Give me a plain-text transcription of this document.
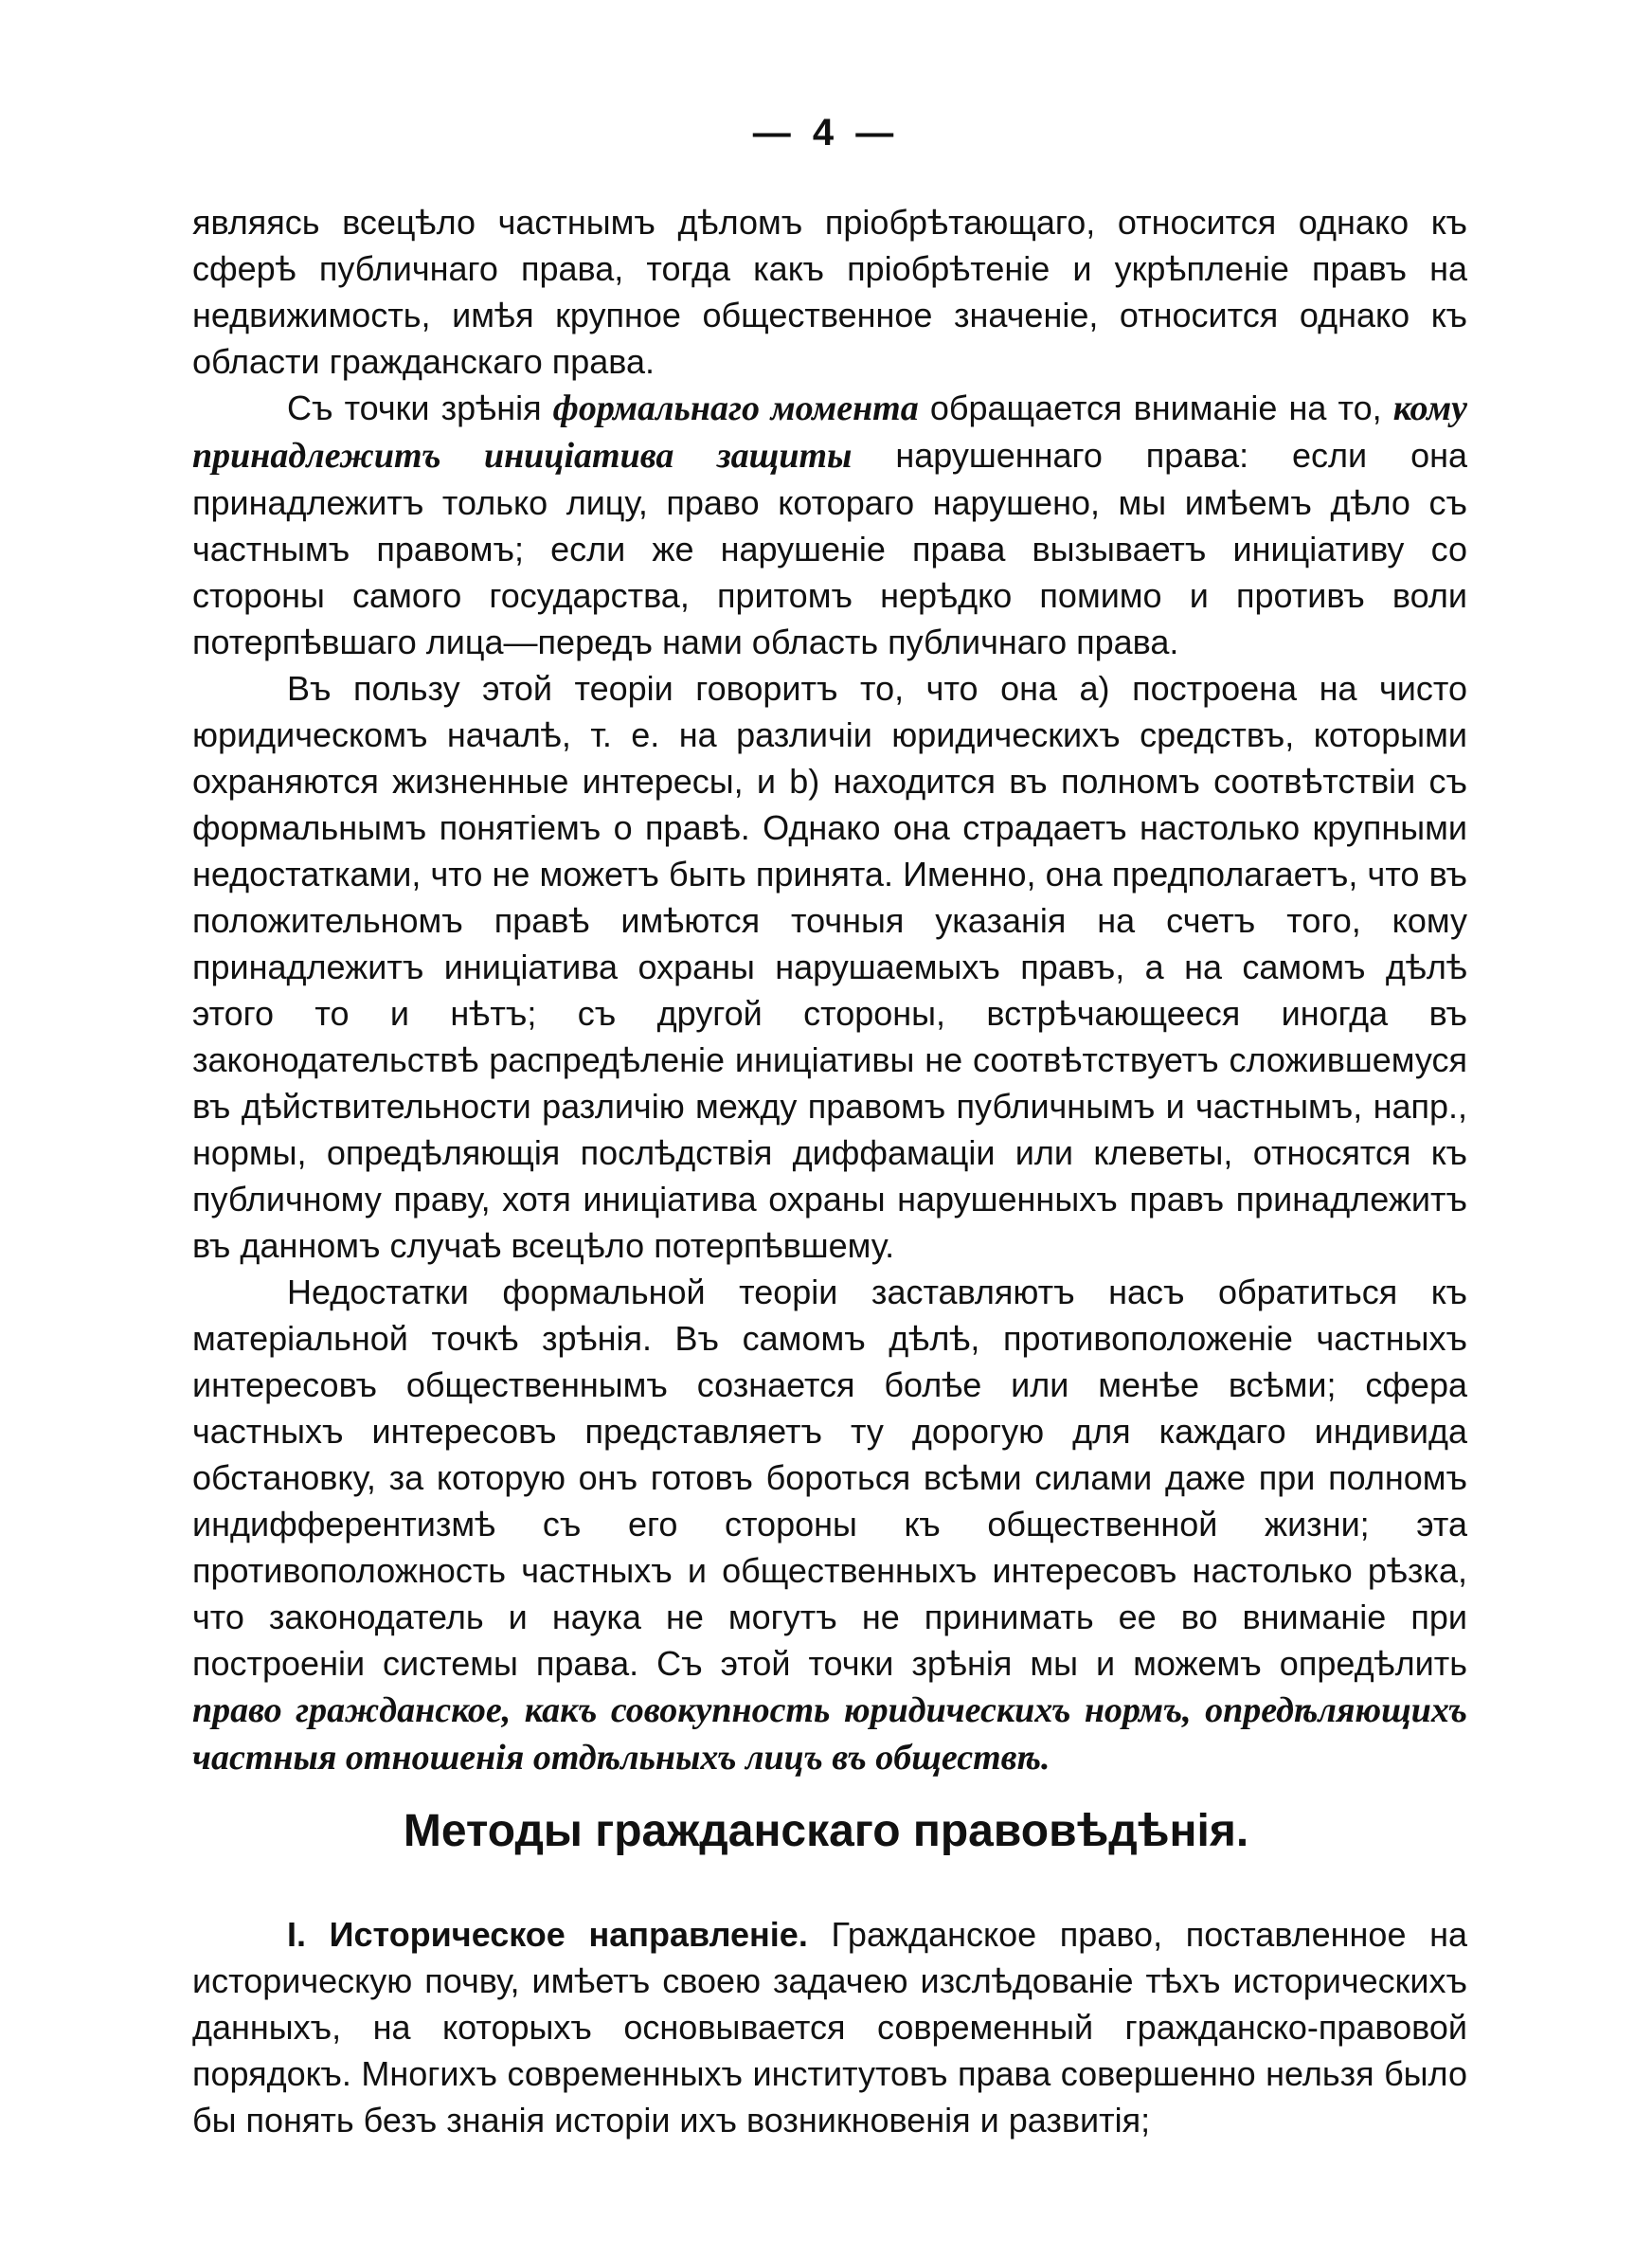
— 4 —

являясь всецѣло частнымъ дѣломъ пріобрѣтающаго, относится однако къ сферѣ публичнаго права, тогда какъ пріобрѣтеніе и укрѣпленіе правъ на недвижимость, имѣя крупное общественное значеніе, относится однако къ области гражданскаго права.

Съ точки зрѣнія формальнаго момента обращается вниманіе на то, кому принадлежитъ иниціатива защиты нарушеннаго права: если она принадлежитъ только лицу, право котораго нарушено, мы имѣемъ дѣло съ частнымъ правомъ; если же нарушеніе права вызываетъ иниціативу со стороны самого государства, притомъ нерѣдко помимо и противъ воли потерпѣвшаго лица—передъ нами область публичнаго права.

Въ пользу этой теоріи говоритъ то, что она a) построена на чисто юридическомъ началѣ, т. е. на различіи юридическихъ средствъ, которыми охраняются жизненные интересы, и b) находится въ полномъ соотвѣтствіи съ формальнымъ понятіемъ о правѣ. Однако она страдаетъ настолько крупными недостатками, что не можетъ быть принята. Именно, она предполагаетъ, что въ положительномъ правѣ имѣются точныя указанія на счетъ того, кому принадлежитъ иниціатива охраны нарушаемыхъ правъ, а на самомъ дѣлѣ этого то и нѣтъ; съ другой стороны, встрѣчающееся иногда въ законодательствѣ распредѣленіе иниціативы не соотвѣтствуетъ сложившемуся въ дѣйствительности различію между правомъ публичнымъ и частнымъ, напр., нормы, опредѣляющія послѣдствія диффамаціи или клеветы, относятся къ публичному праву, хотя иниціатива охраны нарушенныхъ правъ принадлежитъ въ данномъ случаѣ всецѣло потерпѣвшему.

Недостатки формальной теоріи заставляютъ насъ обратиться къ матеріальной точкѣ зрѣнія. Въ самомъ дѣлѣ, противоположеніе частныхъ интересовъ общественнымъ сознается болѣе или менѣе всѣми; сфера частныхъ интересовъ представляетъ ту дорогую для каждаго индивида обстановку, за которую онъ готовъ бороться всѣми силами даже при полномъ индифферентизмѣ съ его стороны къ общественной жизни; эта противоположность частныхъ и общественныхъ интересовъ настолько рѣзка, что законодатель и наука не могутъ не принимать ее во вниманіе при построеніи системы права. Съ этой точки зрѣнія мы и можемъ опредѣлить право гражданское, какъ совокупность юридическихъ нормъ, опредѣляющихъ частныя отношенія отдѣльныхъ лицъ въ обществѣ.

Методы гражданскаго правовѣдѣнія.

I. Историческое направленіе. Гражданское право, поставленное на историческую почву, имѣетъ своею задачею изслѣдованіе тѣхъ историческихъ данныхъ, на которыхъ основывается современный гражданско-правовой порядокъ. Многихъ современныхъ институтовъ права совершенно нельзя было бы понять безъ знанія исторіи ихъ возникновенія и развитія;
